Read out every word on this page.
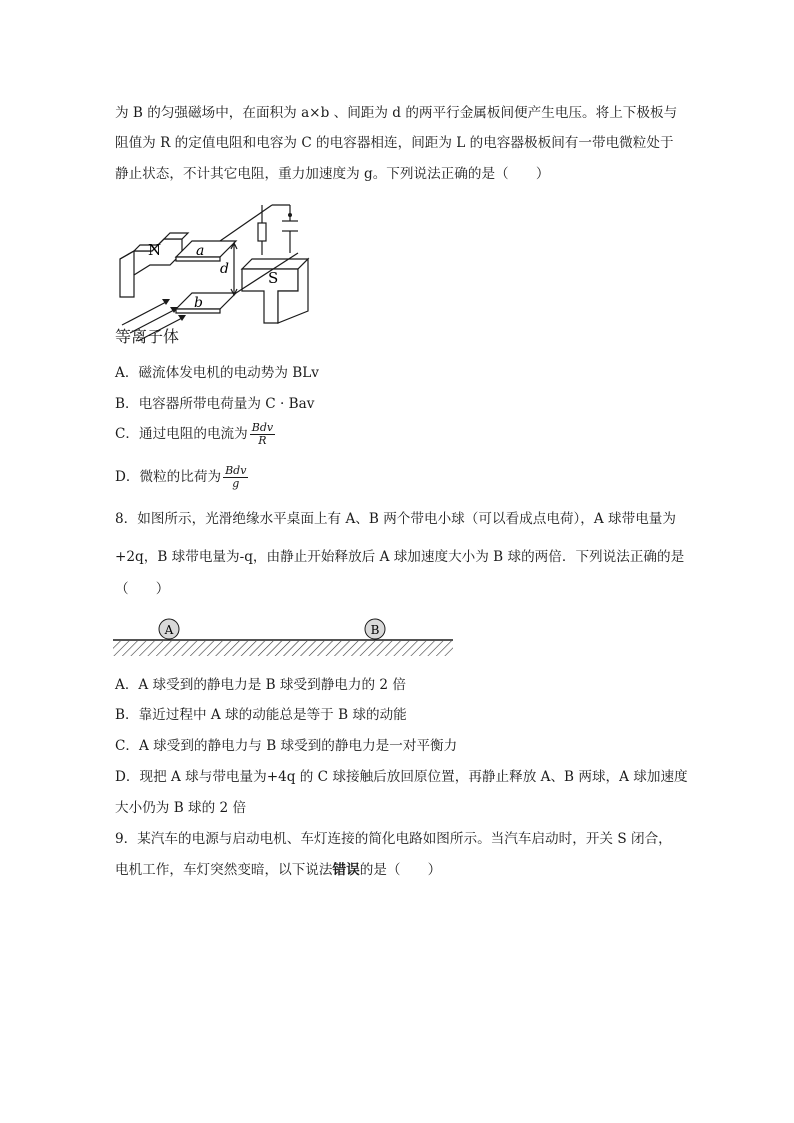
为 B 的匀强磁场中，在面积为 a×b 、间距为 d 的两平行金属板间便产生电压。将上下极板与
阻值为 R 的定值电阻和电容为 C 的电容器相连，间距为 L 的电容器极板间有一带电微粒处于
静止状态，不计其它电阻，重力加速度为 g。下列说法正确的是（　　）
N
S
a
b
d
等离子体
A．磁流体发电机的电动势为 BLv
B．电容器所带电荷量为 C · Bav
C．通过电阻的电流为 $\frac{\text{Bdv}}{R}$
D．微粒的比荷为 $\frac{\text{Bdv}}{g}$
8．如图所示，光滑绝缘水平桌面上有 A、B 两个带电小球（可以看成点电荷），A 球带电量为
+2q，B 球带电量为-q，由静止开始释放后 A 球加速度大小为 B 球的两倍．下列说法正确的是
（　　）
A	B
A．A 球受到的静电力是 B 球受到静电力的 2 倍
B．靠近过程中 A 球的动能总是等于 B 球的动能
C．A 球受到的静电力与 B 球受到的静电力是一对平衡力
D．现把 A 球与带电量为+4q 的 C 球接触后放回原位置，再静止释放 A、B 两球，A 球加速度
大小仍为 B 球的 2 倍
9．某汽车的电源与启动电机、车灯连接的简化电路如图所示。当汽车启动时，开关 S 闭合，
电机工作，车灯突然变暗，以下说法错误的是（　　）
